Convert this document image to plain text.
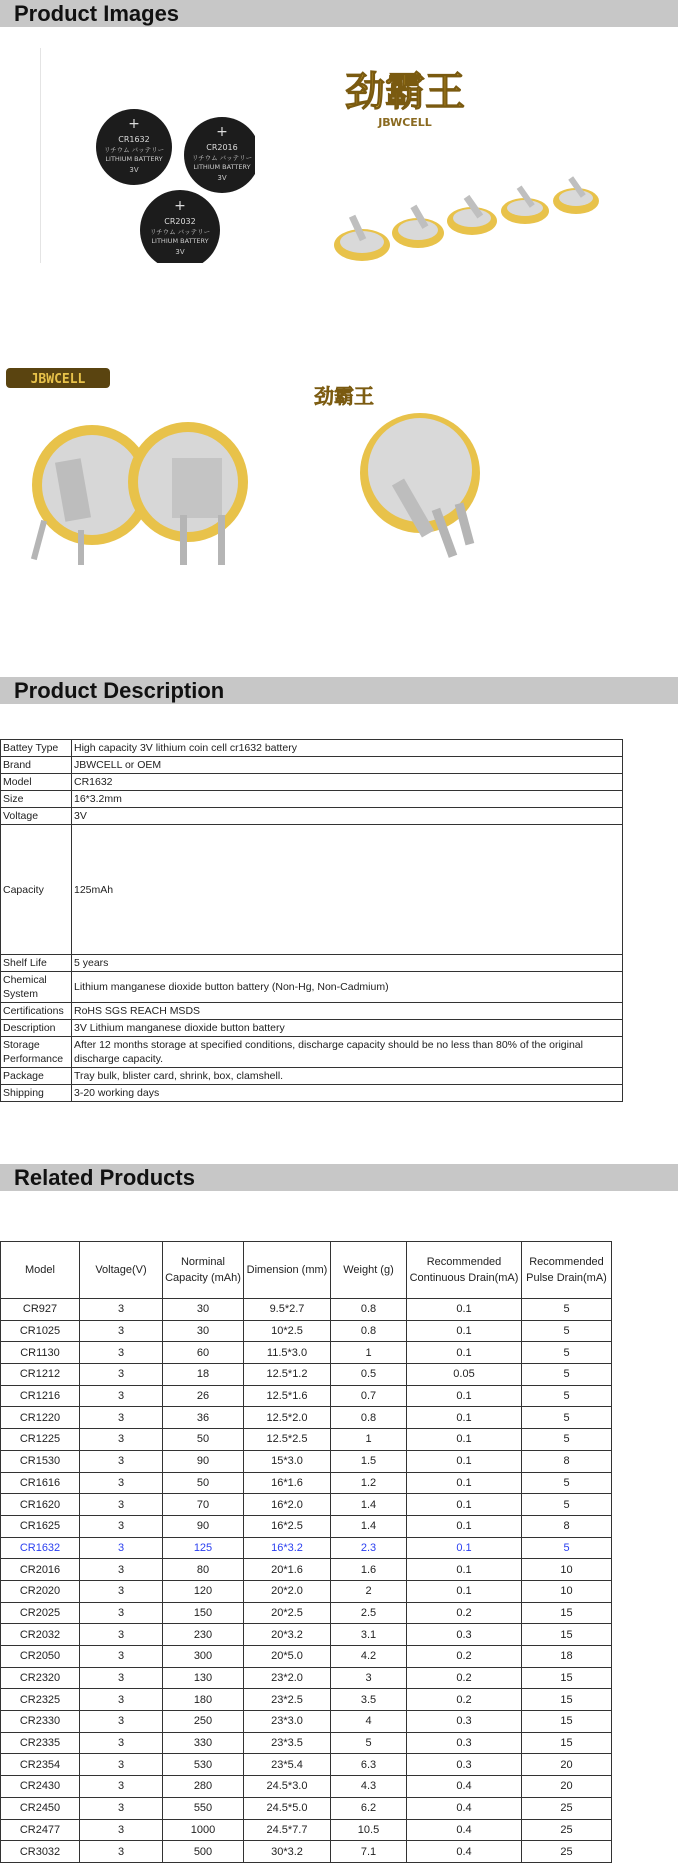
Product Images
+
CR1632
リチウム バッテリー
LITHIUM BATTERY
3V
+
CR2016
リチウム バッテリー
LITHIUM BATTERY
3V
+
CR2032
リチウム バッテリー
LITHIUM BATTERY
3V
劲霸王
JBWCELL
JBWCELL
劲霸王
Product Description
Battey Type	High capacity 3V lithium coin cell cr1632 battery
Brand	JBWCELL or OEM
Model	CR1632
Size	16*3.2mm
Voltage	3V
Capacity	125mAh
Shelf Life	5 years
Chemical System	Lithium manganese dioxide button battery (Non-Hg, Non-Cadmium)
Certifications	RoHS SGS REACH MSDS
Description	3V Lithium manganese dioxide button battery
Storage Performance	After 12 months storage at specified conditions, discharge capacity should be no less than 80% of the original discharge capacity.
Package	Tray bulk, blister card, shrink, box, clamshell.
Shipping	3-20 working days
Related Products
Model	Voltage(V)	Norminal Capacity (mAh)	Dimension (mm)	Weight (g)	Recommended Continuous Drain(mA)	Recommended Pulse Drain(mA)
CR927	3	30	9.5*2.7	0.8	0.1	5
CR1025	3	30	10*2.5	0.8	0.1	5
CR1130	3	60	11.5*3.0	1	0.1	5
CR1212	3	18	12.5*1.2	0.5	0.05	5
CR1216	3	26	12.5*1.6	0.7	0.1	5
CR1220	3	36	12.5*2.0	0.8	0.1	5
CR1225	3	50	12.5*2.5	1	0.1	5
CR1530	3	90	15*3.0	1.5	0.1	8
CR1616	3	50	16*1.6	1.2	0.1	5
CR1620	3	70	16*2.0	1.4	0.1	5
CR1625	3	90	16*2.5	1.4	0.1	8
CR1632	3	125	16*3.2	2.3	0.1	5
CR2016	3	80	20*1.6	1.6	0.1	10
CR2020	3	120	20*2.0	2	0.1	10
CR2025	3	150	20*2.5	2.5	0.2	15
CR2032	3	230	20*3.2	3.1	0.3	15
CR2050	3	300	20*5.0	4.2	0.2	18
CR2320	3	130	23*2.0	3	0.2	15
CR2325	3	180	23*2.5	3.5	0.2	15
CR2330	3	250	23*3.0	4	0.3	15
CR2335	3	330	23*3.5	5	0.3	15
CR2354	3	530	23*5.4	6.3	0.3	20
CR2430	3	280	24.5*3.0	4.3	0.4	20
CR2450	3	550	24.5*5.0	6.2	0.4	25
CR2477	3	1000	24.5*7.7	10.5	0.4	25
CR3032	3	500	30*3.2	7.1	0.4	25
